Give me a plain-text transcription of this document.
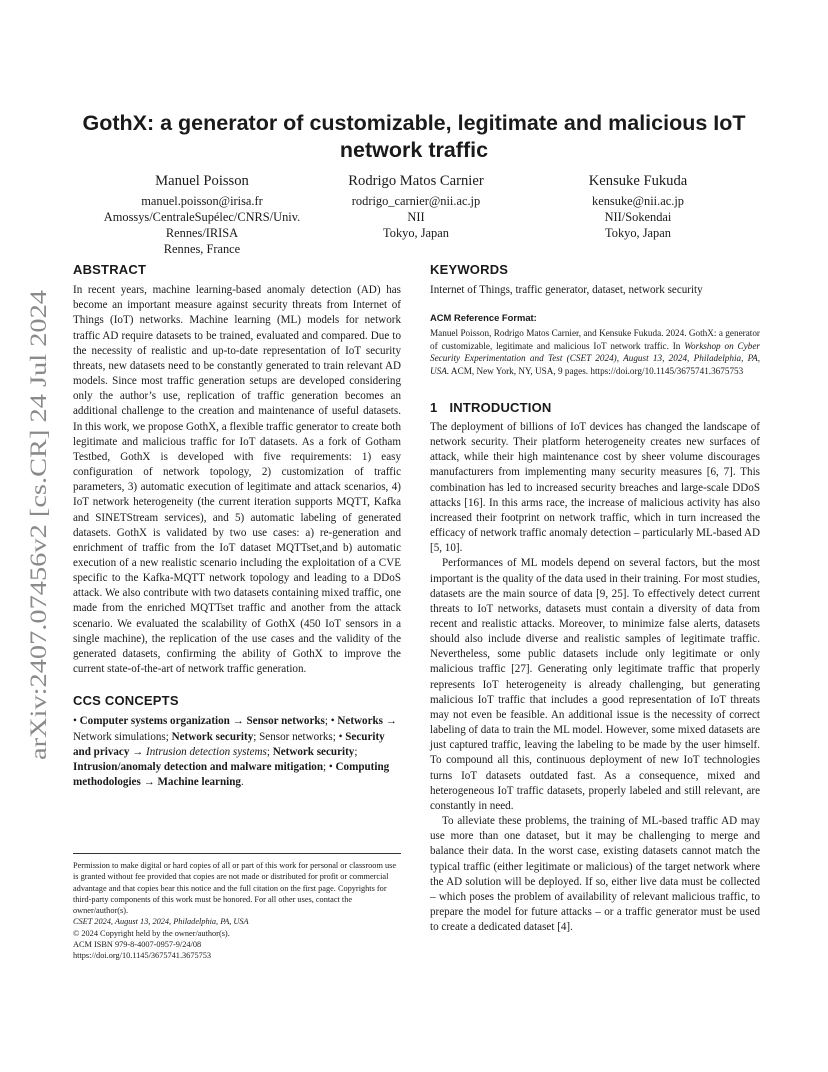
arXiv:2407.07456v2 [cs.CR] 24 Jul 2024
GothX: a generator of customizable, legitimate and malicious IoT network traffic
Manuel Poisson
manuel.poisson@irisa.fr
Amossys/CentraleSupélec/CNRS/Univ.
Rennes/IRISA
Rennes, France
Rodrigo Matos Carnier
rodrigo_carnier@nii.ac.jp
NII
Tokyo, Japan
Kensuke Fukuda
kensuke@nii.ac.jp
NII/Sokendai
Tokyo, Japan
ABSTRACT

In recent years, machine learning-based anomaly detection (AD) has become an important measure against security threats from Internet of Things (IoT) networks. Machine learning (ML) models for network traffic AD require datasets to be trained, evaluated and compared. Due to the necessity of realistic and up-to-date representation of IoT security threats, new datasets need to be constantly generated to train relevant AD models. Since most traffic generation setups are developed considering only the author’s use, replication of traffic generation becomes an additional challenge to the creation and maintenance of useful datasets. In this work, we propose GothX, a flexible traffic generator to create both legitimate and malicious traffic for IoT datasets. As a fork of Gotham Testbed, GothX is developed with five requirements: 1) easy configuration of network topology, 2) customization of traffic parameters, 3) automatic execution of legitimate and attack scenarios, 4) IoT network heterogeneity (the current iteration supports MQTT, Kafka and SINETStream services), and 5) automatic labeling of generated datasets. GothX is validated by two use cases: a) re-generation and enrichment of traffic from the IoT dataset MQTTset,and b) automatic execution of a new realistic scenario including the exploitation of a CVE specific to the Kafka-MQTT network topology and leading to a DDoS attack. We also contribute with two datasets containing mixed traffic, one made from the enriched MQTTset traffic and another from the attack scenario. We evaluated the scalability of GothX (450 IoT sensors in a single machine), the replication of the use cases and the validity of the generated datasets, confirming the ability of GothX to improve the current state-of-the-art of network traffic generation.

CCS CONCEPTS

• Computer systems organization → Sensor networks; • Networks → Network simulations; Network security; Sensor networks; • Security and privacy → Intrusion detection systems; Network security; Intrusion/anomaly detection and malware mitigation; • Computing methodologies → Machine learning.

Permission to make digital or hard copies of all or part of this work for personal or classroom use is granted without fee provided that copies are not made or distributed for profit or commercial advantage and that copies bear this notice and the full citation on the first page. Copyrights for third-party components of this work must be honored. For all other uses, contact the owner/author(s).
CSET 2024, August 13, 2024, Philadelphia, PA, USA
© 2024 Copyright held by the owner/author(s).
ACM ISBN 979-8-4007-0957-9/24/08
https://doi.org/10.1145/3675741.3675753
KEYWORDS

Internet of Things, traffic generator, dataset, network security

ACM Reference Format:

Manuel Poisson, Rodrigo Matos Carnier, and Kensuke Fukuda. 2024. GothX: a generator of customizable, legitimate and malicious IoT network traffic. In Workshop on Cyber Security Experimentation and Test (CSET 2024), August 13, 2024, Philadelphia, PA, USA. ACM, New York, NY, USA, 9 pages. https://doi.org/10.1145/3675741.3675753

1 INTRODUCTION

The deployment of billions of IoT devices has changed the landscape of network security. Their platform heterogeneity creates new surfaces of attack, while their high maintenance cost by sheer volume discourages manufacturers from implementing many security measures [6, 7]. This combination has led to increased security breaches and large-scale DDoS attacks [16]. In this arms race, the increase of malicious activity has also increased their footprint on network traffic, which in turn increased the efficacy of network traffic anomaly detection – particularly ML-based AD [5, 10].

Performances of ML models depend on several factors, but the most important is the quality of the data used in their training. For most studies, datasets are the main source of data [9, 25]. To effectively detect current threats to IoT networks, datasets must contain a diversity of data from recent and realistic attacks. Moreover, to minimize false alerts, datasets should also include diverse and realistic samples of legitimate traffic. Nevertheless, some public datasets include only legitimate or only malicious traffic [27]. Generating only legitimate traffic that properly represents IoT heterogeneity is already challenging, but generating malicious IoT traffic that includes a good representation of IoT threats may not even be feasible. An additional issue is the necessity of correct labeling of data to train the ML model. However, some mixed datasets are just captured traffic, leaving the labeling to be made by the user himself. To compound all this, continuous deployment of new IoT technologies turns IoT datasets outdated fast. As a consequence, mixed and heterogeneous IoT traffic datasets, properly labeled and still relevant, are constantly in need.

To alleviate these problems, the training of ML-based traffic AD may use more than one dataset, but it may be challenging to merge and balance their data. In the worst case, existing datasets cannot match the typical traffic (either legitimate or malicious) of the target network where the AD solution will be deployed. If so, either live data must be collected – which poses the problem of availability of relevant malicious traffic, to prepare the model for future attacks – or a traffic generator must be used to create a dedicated dataset [4].
